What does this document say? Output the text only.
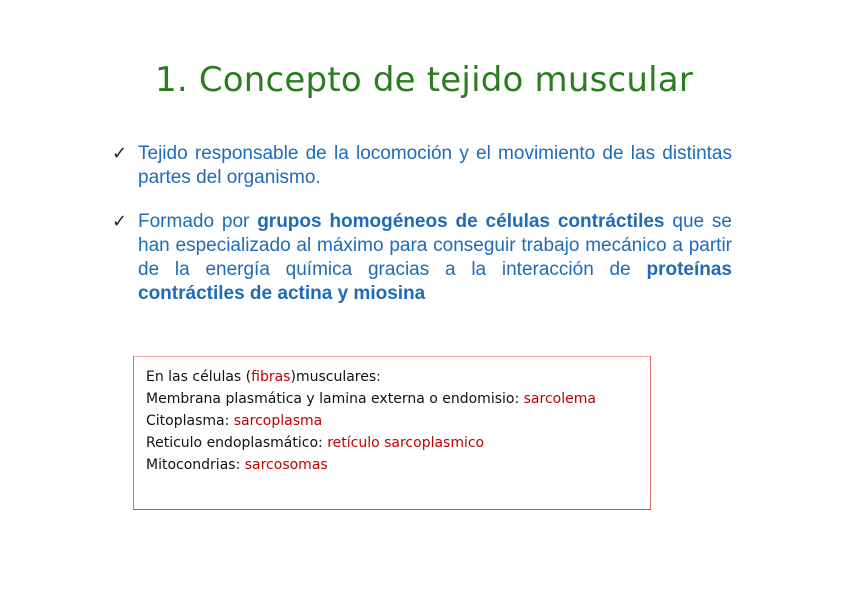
1. Concepto de tejido muscular
✓ Tejido responsable de la locomoción y el movimiento de las distintas partes del organismo.
✓ Formado por grupos homogéneos de células contráctiles que se han especializado al máximo para conseguir trabajo mecánico a partir de la energía química gracias a la interacción de proteínas contráctiles de actina y miosina
En las células (fibras)musculares:
Membrana plasmática y lamina externa o endomisio: sarcolema
Citoplasma: sarcoplasma
Reticulo endoplasmático: retículo sarcoplasmico
Mitocondrias: sarcosomas
